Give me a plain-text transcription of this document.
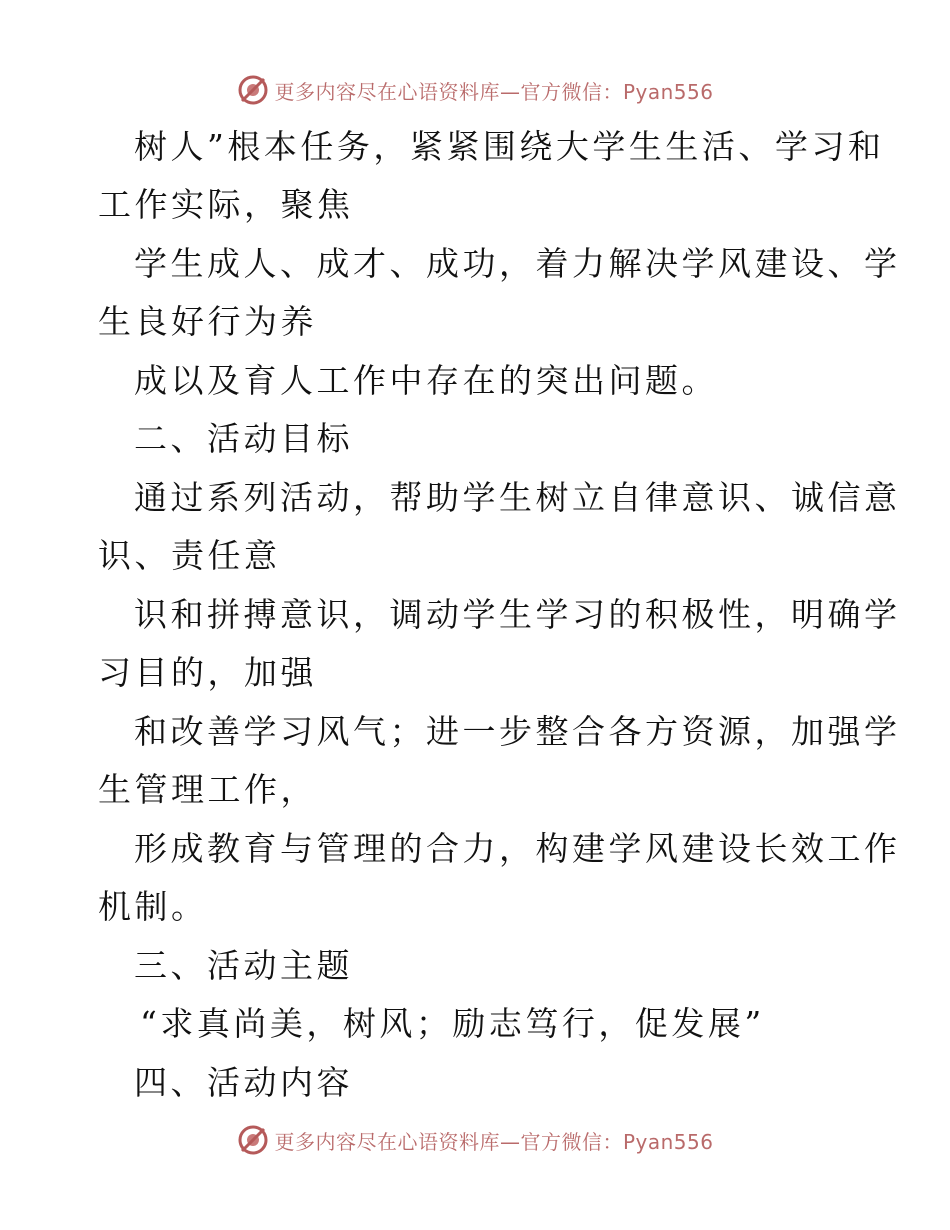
更多内容尽在心语资料库—官方微信：Pyan556
树人”根本任务，紧紧围绕大学生生活、学习和
工作实际，聚焦
学生成人、成才、成功，着力解决学风建设、学
生良好行为养
成以及育人工作中存在的突出问题。
二、活动目标
通过系列活动，帮助学生树立自律意识、诚信意
识、责任意
识和拼搏意识，调动学生学习的积极性，明确学
习目的，加强
和改善学习风气；进一步整合各方资源，加强学
生管理工作，
形成教育与管理的合力，构建学风建设长效工作
机制。
三、活动主题
“求真尚美，树风；励志笃行，促发展”
四、活动内容
更多内容尽在心语资料库—官方微信：Pyan556
